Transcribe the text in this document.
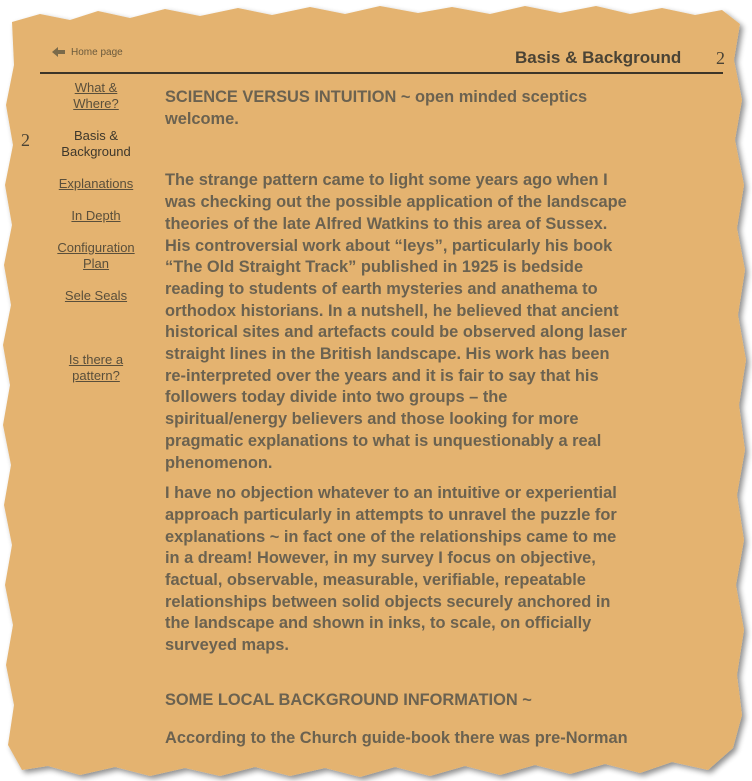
Home page	Basis & Background 2
2
What &
Where?
Basis &
Background
Explanations
In Depth
Configuration
Plan
Sele Seals
Is there a
pattern?

SCIENCE VERSUS INTUITION ~ open minded sceptics
welcome.

The strange pattern came to light some years ago when I
was checking out the possible application of the landscape
theories of the late Alfred Watkins to this area of Sussex.
His controversial work about “leys”, particularly his book
“The Old Straight Track” published in 1925 is bedside
reading to students of earth mysteries and anathema to
orthodox historians. In a nutshell, he believed that ancient
historical sites and artefacts could be observed along laser
straight lines in the British landscape. His work has been
re-interpreted over the years and it is fair to say that his
followers today divide into two groups – the
spiritual/energy believers and those looking for more
pragmatic explanations to what is unquestionably a real
phenomenon.

I have no objection whatever to an intuitive or experiential
approach particularly in attempts to unravel the puzzle for
explanations ~ in fact one of the relationships came to me
in a dream! However, in my survey I focus on objective,
factual, observable, measurable, verifiable, repeatable
relationships between solid objects securely anchored in
the landscape and shown in inks, to scale, on officially
surveyed maps.

SOME LOCAL BACKGROUND INFORMATION ~

According to the Church guide-book there was pre-Norman
